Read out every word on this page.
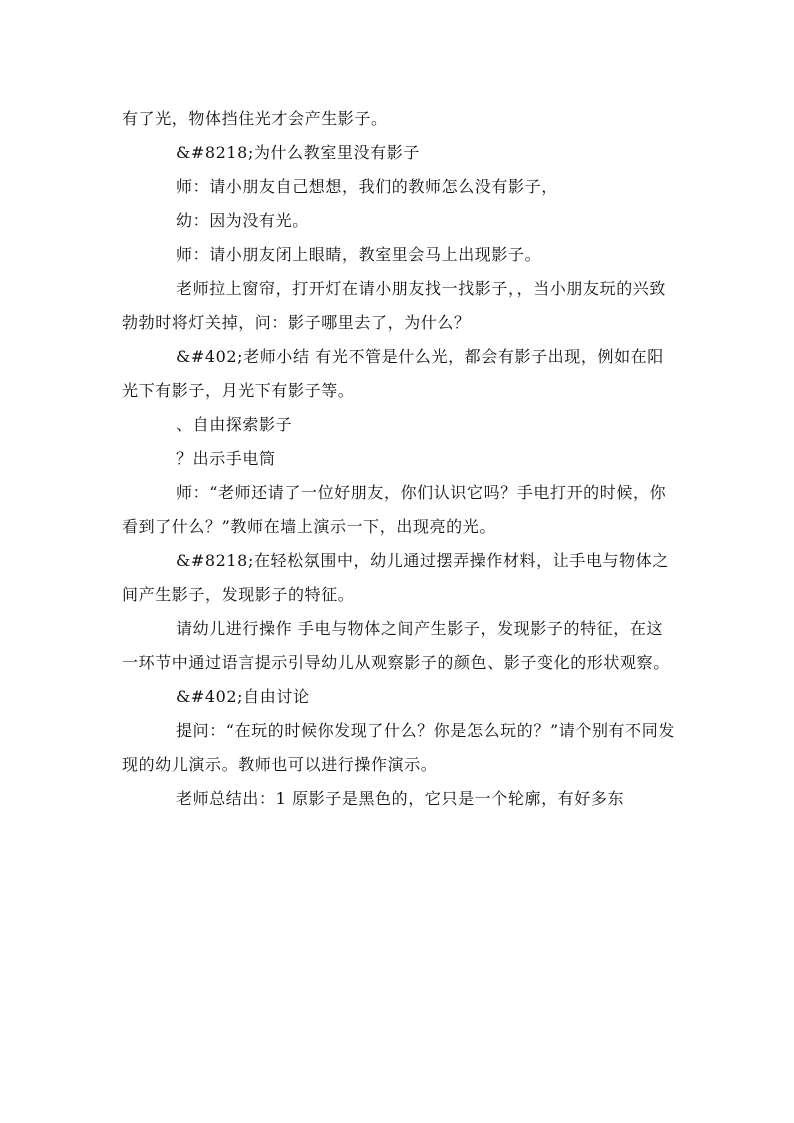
有了光，物体挡住光才会产生影子。

&#8218;为什么教室里没有影子

师：请小朋友自己想想，我们的教师怎么没有影子，

幼：因为没有光。

师：请小朋友闭上眼睛，教室里会马上出现影子。

老师拉上窗帘，打开灯在请小朋友找一找影子，，当小朋友玩的兴致勃勃时将灯关掉，问：影子哪里去了，为什么？

&#402;老师小结 有光不管是什么光，都会有影子出现，例如在阳光下有影子，月光下有影子等。

、自由探索影子

？出示手电筒

师：“老师还请了一位好朋友，你们认识它吗？手电打开的时候，你看到了什么？”教师在墙上演示一下，出现亮的光。

&#8218;在轻松氛围中，幼儿通过摆弄操作材料，让手电与物体之间产生影子，发现影子的特征。

请幼儿进行操作 手电与物体之间产生影子，发现影子的特征，在这一环节中通过语言提示引导幼儿从观察影子的颜色、影子变化的形状观察。

&#402;自由讨论

提问：“在玩的时候你发现了什么？你是怎么玩的？”请个别有不同发现的幼儿演示。教师也可以进行操作演示。

老师总结出：1 原影子是黑色的，它只是一个轮廓，有好多东
